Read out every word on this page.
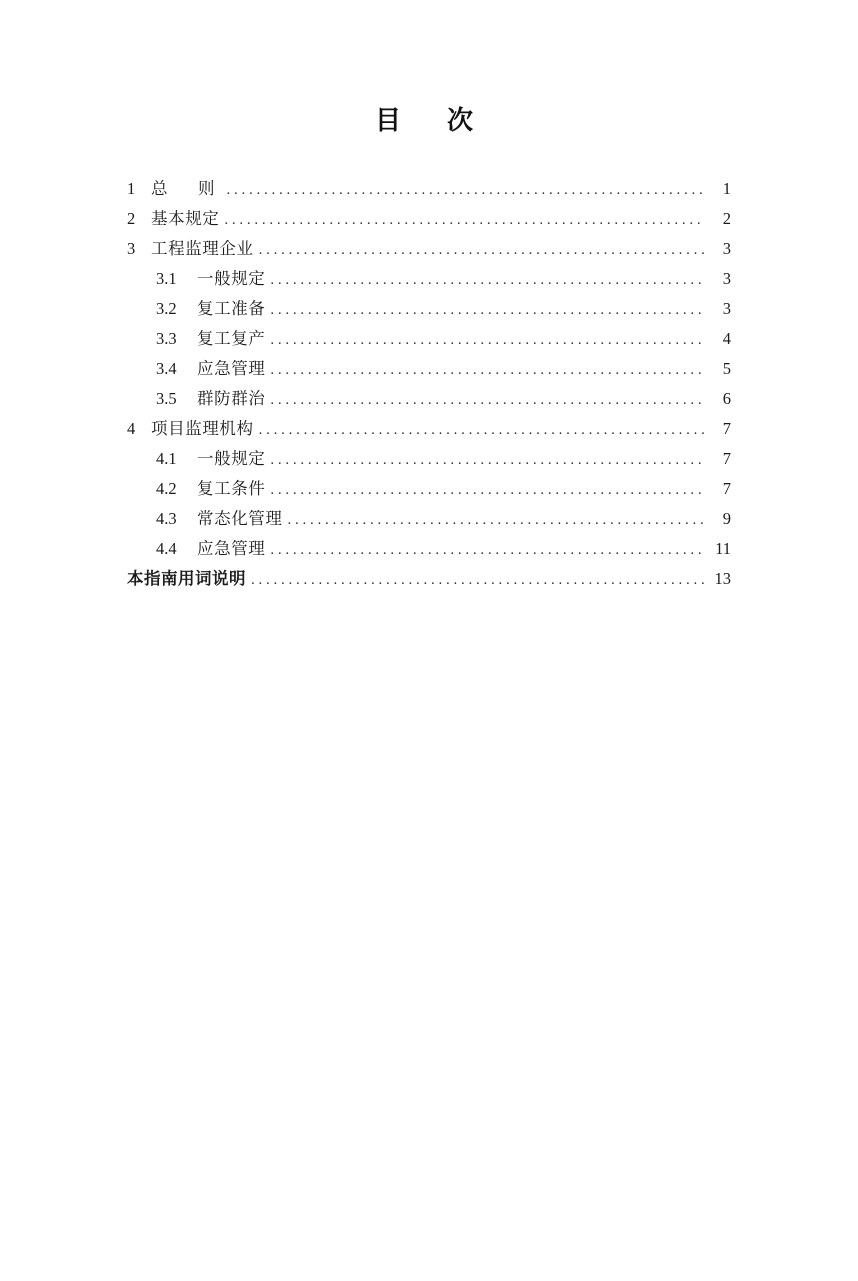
目　次
1 总　则 . . .	1
2 基本规定 . . .	2
3 工程监理企业 . . .	3
3.1	一般规定 . . .	3
3.2	复工准备 . . .	3
3.3	复工复产 . . .	4
3.4	应急管理 . . .	5
3.5	群防群治 . . .	6
4 项目监理机构 . . .	7
4.1	一般规定 . . .	7
4.2	复工条件 . . .	7
4.3	常态化管理 . . .	9
4.4	应急管理 . . .	11
本指南用词说明 . . .	13
